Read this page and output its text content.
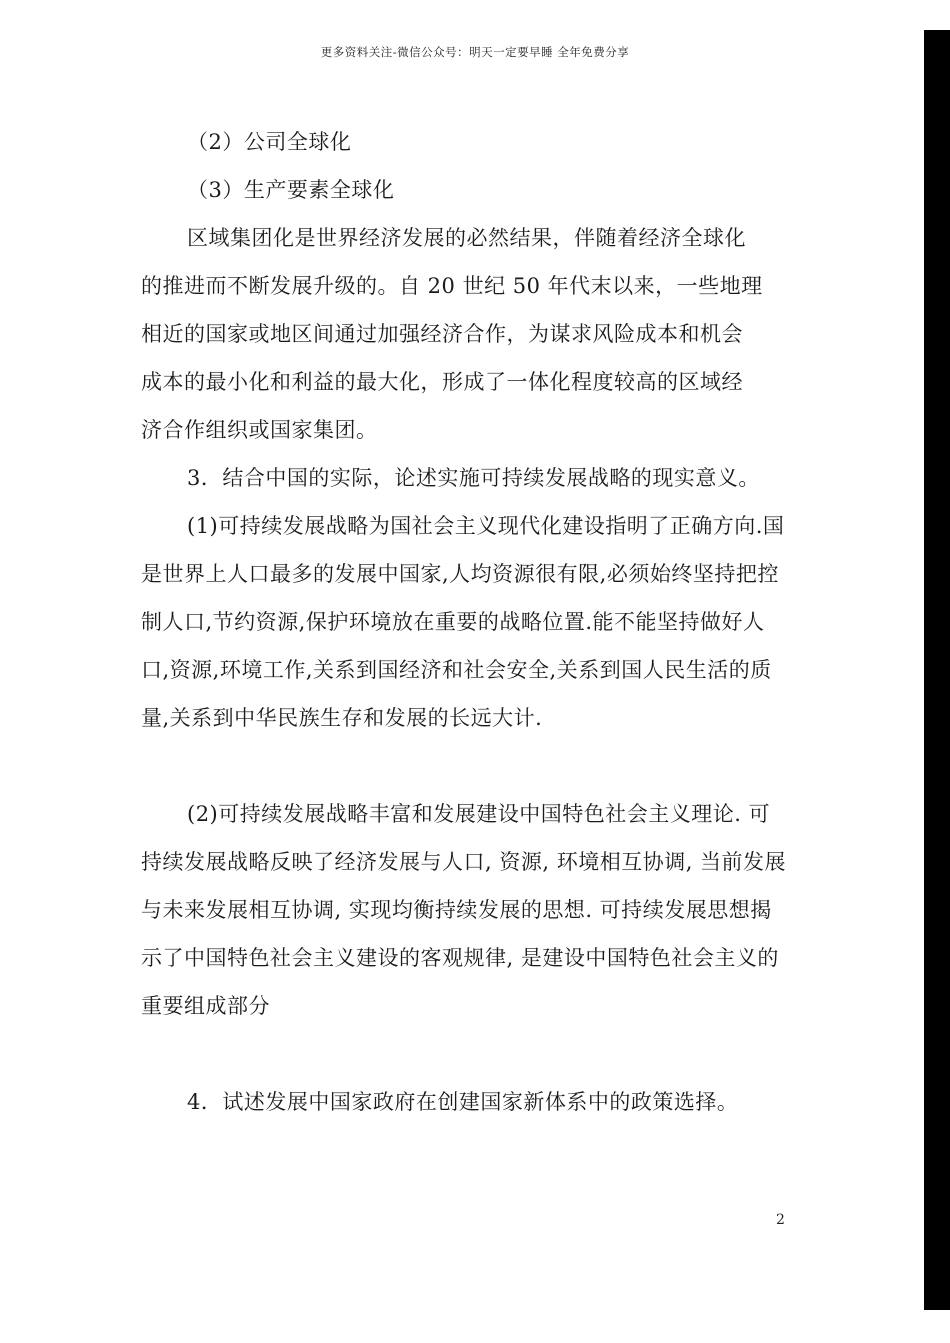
更多资料关注-微信公众号：明天一定要早睡 全年免费分享
（2）公司全球化
（3）生产要素全球化
区域集团化是世界经济发展的必然结果，伴随着经济全球化
的推进而不断发展升级的。自 20 世纪 50 年代末以来，一些地理
相近的国家或地区间通过加强经济合作，为谋求风险成本和机会
成本的最小化和利益的最大化，形成了一体化程度较高的区域经
济合作组织或国家集团。
3．结合中国的实际，论述实施可持续发展战略的现实意义。
(1)可持续发展战略为国社会主义现代化建设指明了正确方向.国
是世界上人口最多的发展中国家,人均资源很有限,必须始终坚持把控
制人口,节约资源,保护环境放在重要的战略位置.能不能坚持做好人
口,资源,环境工作,关系到国经济和社会安全,关系到国人民生活的质
量,关系到中华民族生存和发展的长远大计.
(2)可持续发展战略丰富和发展建设中国特色社会主义理论. 可
持续发展战略反映了经济发展与人口, 资源, 环境相互协调, 当前发展
与未来发展相互协调, 实现均衡持续发展的思想. 可持续发展思想揭
示了中国特色社会主义建设的客观规律, 是建设中国特色社会主义的
重要组成部分
4．试述发展中国家政府在创建国家新体系中的政策选择。
2
